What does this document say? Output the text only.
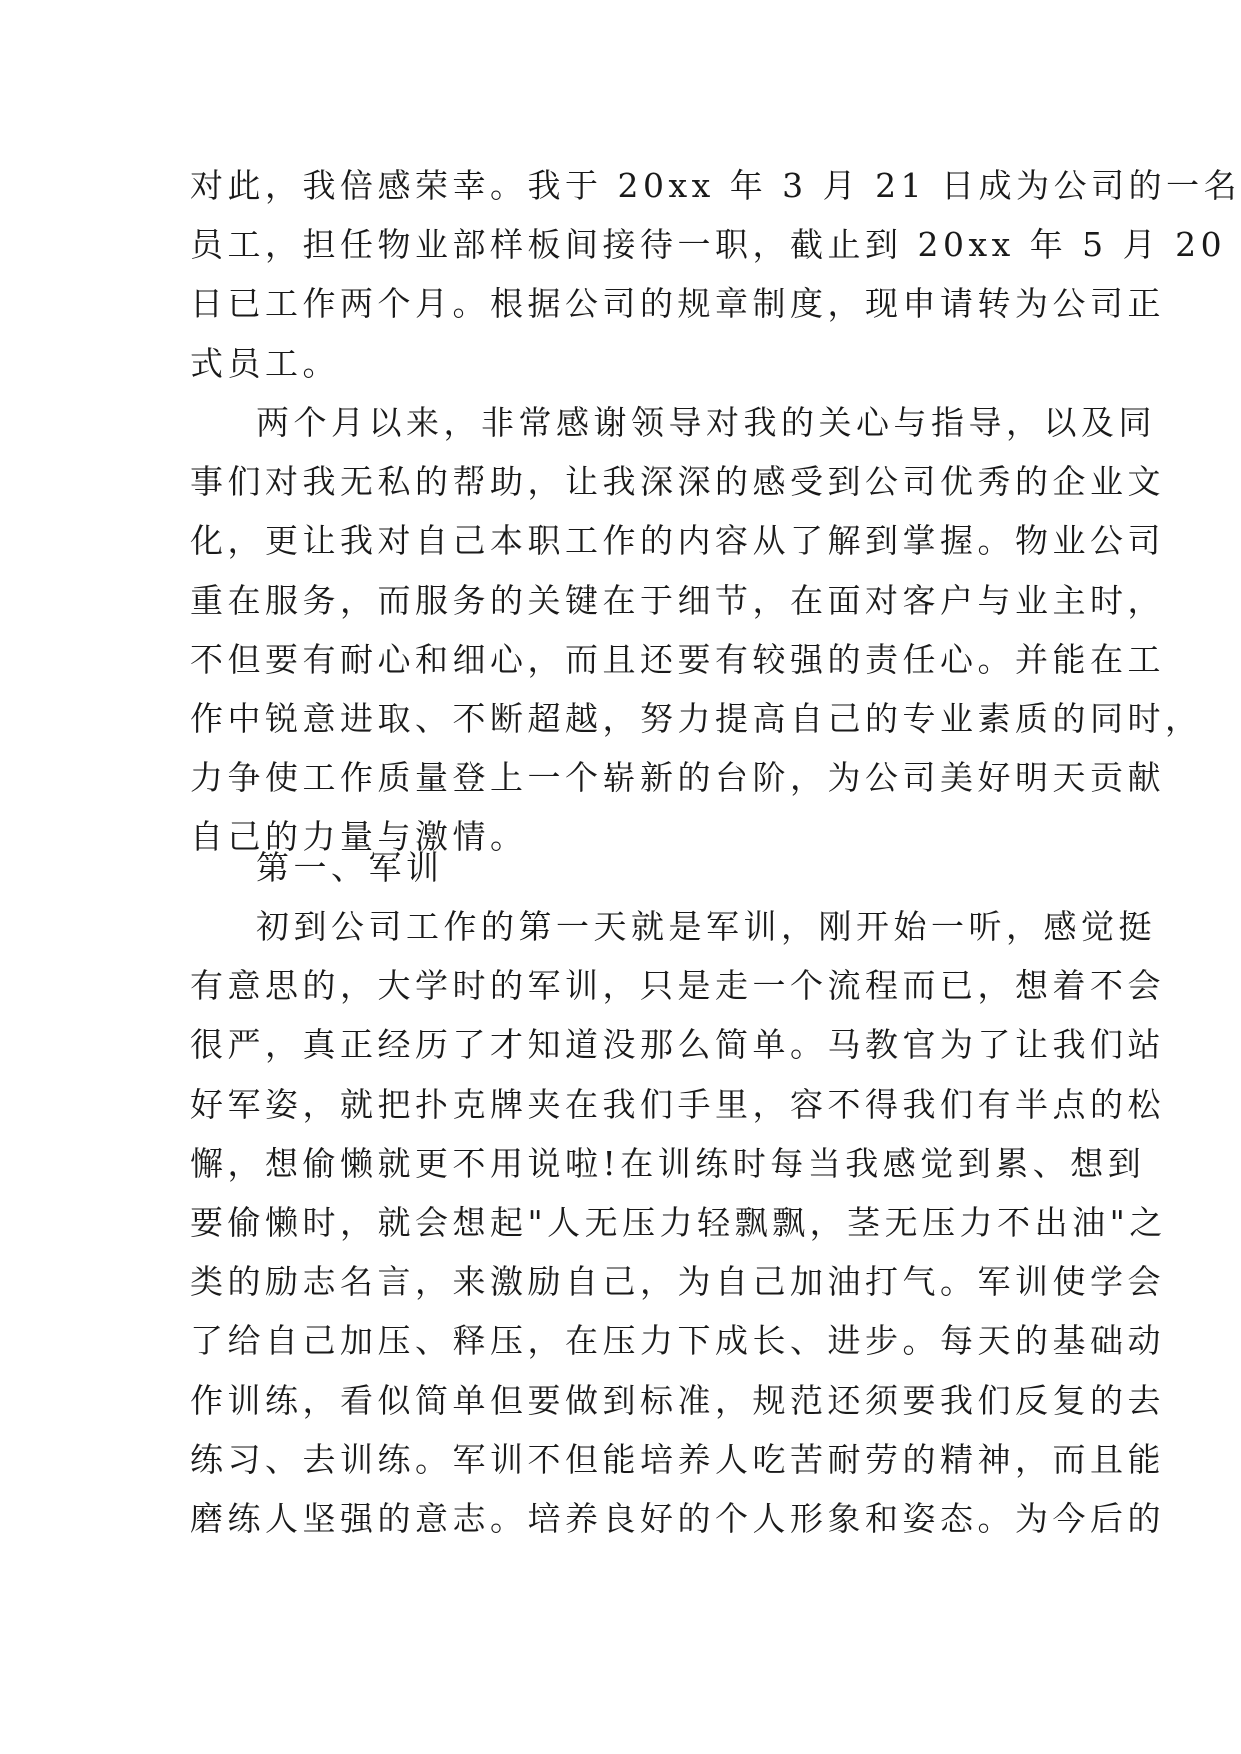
对此，我倍感荣幸。我于 20xx 年 3 月 21 日成为公司的一名
员工，担任物业部样板间接待一职，截止到 20xx 年 5 月 20
日已工作两个月。根据公司的规章制度，现申请转为公司正
式员工。
两个月以来，非常感谢领导对我的关心与指导，以及同
事们对我无私的帮助，让我深深的感受到公司优秀的企业文
化，更让我对自己本职工作的内容从了解到掌握。物业公司
重在服务，而服务的关键在于细节，在面对客户与业主时，
不但要有耐心和细心，而且还要有较强的责任心。并能在工
作中锐意进取、不断超越，努力提高自己的专业素质的同时，
力争使工作质量登上一个崭新的台阶，为公司美好明天贡献
自己的力量与激情。
第一、军训
初到公司工作的第一天就是军训，刚开始一听，感觉挺
有意思的，大学时的军训，只是走一个流程而已，想着不会
很严，真正经历了才知道没那么简单。马教官为了让我们站
好军姿，就把扑克牌夹在我们手里，容不得我们有半点的松
懈，想偷懒就更不用说啦!在训练时每当我感觉到累、想到
要偷懒时，就会想起"人无压力轻飘飘，茎无压力不出油"之
类的励志名言，来激励自己，为自己加油打气。军训使学会
了给自己加压、释压，在压力下成长、进步。每天的基础动
作训练，看似简单但要做到标准，规范还须要我们反复的去
练习、去训练。军训不但能培养人吃苦耐劳的精神，而且能
磨练人坚强的意志。培养良好的个人形象和姿态。为今后的
